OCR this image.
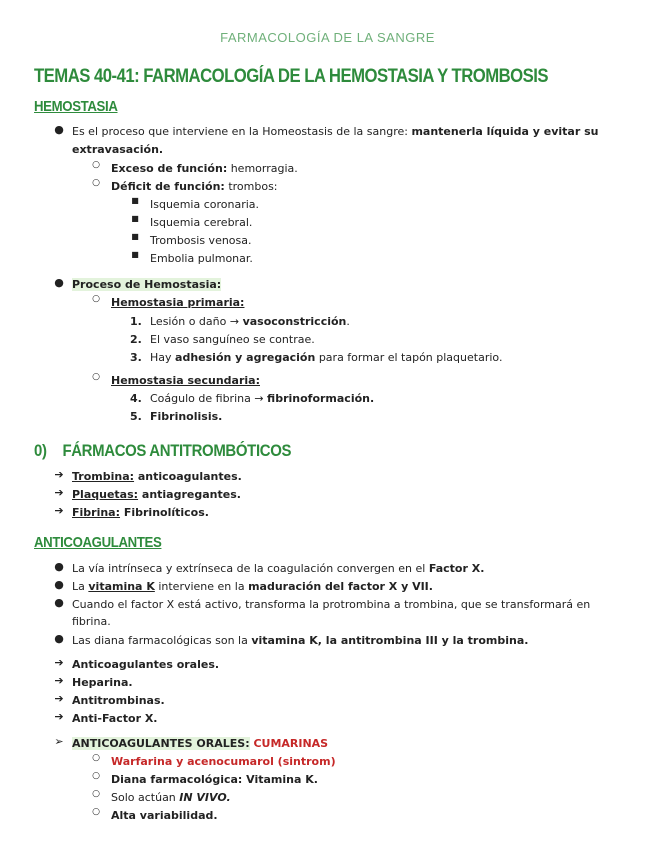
FARMACOLOGÍA DE LA SANGRE
TEMAS 40-41: FARMACOLOGÍA DE LA HEMOSTASIA Y TROMBOSIS
HEMOSTASIA
● Es el proceso que interviene en la Homeostasis de la sangre: mantenerla líquida y evitar su
extravasación.
○ Exceso de función: hemorragia.
○ Déficit de función: trombos:
■ Isquemia coronaria.
■ Isquemia cerebral.
■ Trombosis venosa.
■ Embolia pulmonar.
● Proceso de Hemostasia:
○ Hemostasia primaria:
1. Lesión o daño → vasoconstricción.
2. El vaso sanguíneo se contrae.
3. Hay adhesión y agregación para formar el tapón plaquetario.
○ Hemostasia secundaria:
4. Coágulo de fibrina → fibrinoformación.
5. Fibrinolisis.
0) FÁRMACOS ANTITROMBÓTICOS
➔ Trombina: anticoagulantes.
➔ Plaquetas: antiagregantes.
➔ Fibrina: Fibrinolíticos.
ANTICOAGULANTES
● La vía intrínseca y extrínseca de la coagulación convergen en el Factor X.
● La vitamina K interviene en la maduración del factor X y VII.
● Cuando el factor X está activo, transforma la protrombina a trombina, que se transformará en fibrina.
● Las diana farmacológicas son la vitamina K, la antitrombina III y la trombina.
➔ Anticoagulantes orales.
➔ Heparina.
➔ Antitrombinas.
➔ Anti-Factor X.
➢ ANTICOAGULANTES ORALES: CUMARINAS
○ Warfarina y acenocumarol (sintrom)
○ Diana farmacológica: Vitamina K.
○ Solo actúan IN VIVO.
○ Alta variabilidad.
